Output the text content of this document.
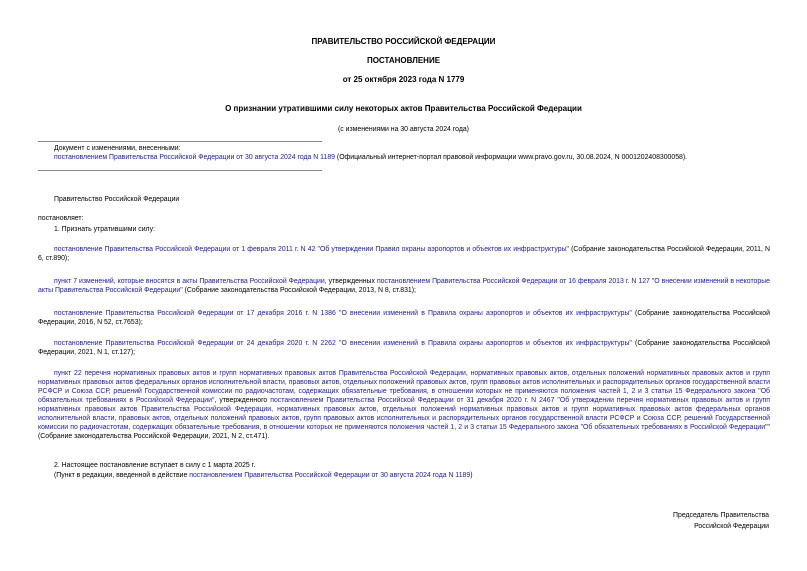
ПРАВИТЕЛЬСТВО РОССИЙСКОЙ ФЕДЕРАЦИИ
ПОСТАНОВЛЕНИЕ
от 25 октября 2023 года N 1779
О признании утратившими силу некоторых актов Правительства Российской Федерации
(с изменениями на 30 августа 2024 года)
Документ с изменениями, внесенными:
постановлением Правительства Российской Федерации от 30 августа 2024 года N 1189 (Официальный интернет-портал правовой информации www.pravo.gov.ru, 30.08.2024, N 0001202408300058).
Правительство Российской Федерации
постановляет:
1. Признать утратившими силу:
постановление Правительства Российской Федерации от 1 февраля 2011 г. N 42 "Об утверждении Правил охраны аэропортов и объектов их инфраструктуры" (Собрание законодательства Российской Федерации, 2011, N 6, ст.890);
пункт 7 изменений, которые вносятся в акты Правительства Российской Федерации, утвержденных постановлением Правительства Российской Федерации от 16 февраля 2013 г. N 127 "О внесении изменений в некоторые акты Правительства Российской Федерации" (Собрание законодательства Российской Федерации, 2013, N 8, ст.831);
постановление Правительства Российской Федерации от 17 декабря 2016 г. N 1386 "О внесении изменений в Правила охраны аэропортов и объектов их инфраструктуры" (Собрание законодательства Российской Федерации, 2016, N 52, ст.7653);
постановление Правительства Российской Федерации от 24 декабря 2020 г. N 2262 "О внесении изменений в Правила охраны аэропортов и объектов их инфраструктуры" (Собрание законодательства Российской Федерации, 2021, N 1, ст.127);
пункт 22 перечня нормативных правовых актов и групп нормативных правовых актов Правительства Российской Федерации, нормативных правовых актов, отдельных положений нормативных правовых актов и групп нормативных правовых актов федеральных органов исполнительной власти, правовых актов, отдельных положений правовых актов, групп правовых актов исполнительных и распорядительных органов государственной власти РСФСР и Союза ССР, решений Государственной комиссии по радиочастотам, содержащих обязательные требования, в отношении которых не применяются положения частей 1, 2 и 3 статьи 15 Федерального закона "Об обязательных требованиях в Российской Федерации", утвержденного постановлением Правительства Российской Федерации от 31 декабря 2020 г. N 2467 "Об утверждении перечня нормативных правовых актов и групп нормативных правовых актов Правительства Российской Федерации, нормативных правовых актов, отдельных положений нормативных правовых актов и групп нормативных правовых актов федеральных органов исполнительной власти, правовых актов, отдельных положений правовых актов, групп правовых актов исполнительных и распорядительных органов государственной власти РСФСР и Союза ССР, решений Государственной комиссии по радиочастотам, содержащих обязательные требования, в отношении которых не применяются положения частей 1, 2 и 3 статьи 15 Федерального закона "Об обязательных требованиях в Российской Федерации"" (Собрание законодательства Российской Федерации, 2021, N 2, ст.471).
2. Настоящее постановление вступает в силу с 1 марта 2025 г.
(Пункт в редакции, введенной в действие постановлением Правительства Российской Федерации от 30 августа 2024 года N 1189)
Председатель Правительства
Российской Федерации
